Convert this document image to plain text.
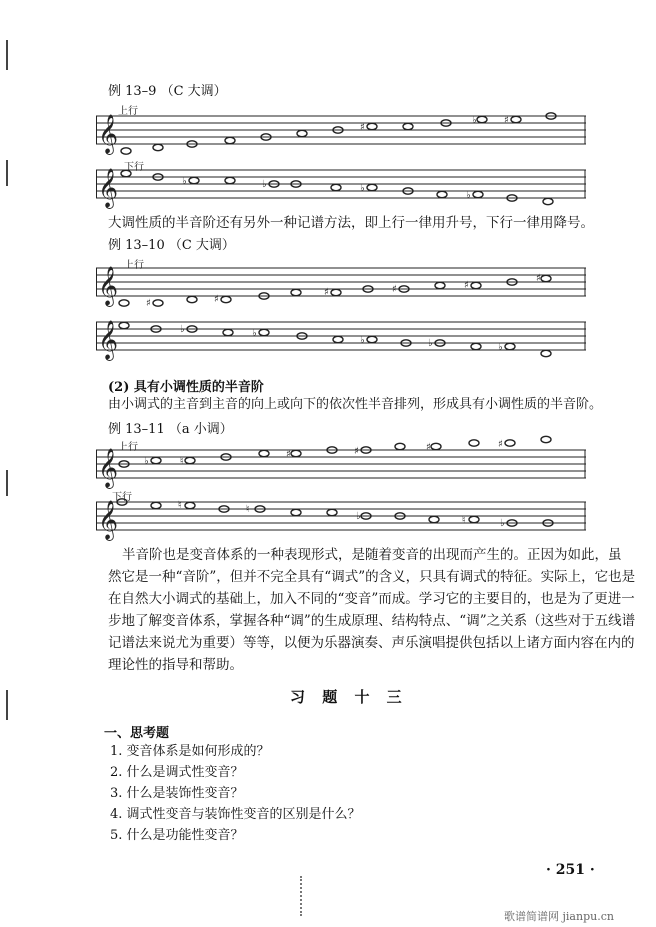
例 13–9 （C 大调）
上行
𝄞	♯
♯
♭
下行
𝄞	♭	♭	♭
♭
大调性质的半音阶还有另外一种记谱方法，即上行一律用升号，下行一律用降号。
例 13–10 （C 大调）
上行
𝄞	♯	♯
♯	♯	♯
♯
𝄞	♭	♭
♭	♭	♭
(2) 具有小调性质的半音阶
由小调式的主音到主音的向上或向下的依次性半音排列，形成具有小调性质的半音阶。
例 13–11 （a 小调）
上行
𝄞	♭	♮
♯	♯	♯	♯
下行
𝄞	♮	♮
♭	♮	♭
半音阶也是变音体系的一种表现形式，是随着变音的出现而产生的。正因为如此，虽
然它是一种“音阶”，但并不完全具有“调式”的含义，只具有调式的特征。实际上，它也是
在自然大小调式的基础上，加入不同的“变音”而成。学习它的主要目的，也是为了更进一
步地了解变音体系，掌握各种“调”的生成原理、结构特点、“调”之关系（这些对于五线谱
记谱法来说尤为重要）等等，以便为乐器演奏、声乐演唱提供包括以上诸方面内容在内的
理论性的指导和帮助。
习 题 十 三
一、思考题
1. 变音体系是如何形成的？
2. 什么是调式性变音？
3. 什么是装饰性变音？
4. 调式性变音与装饰性变音的区别是什么？
5. 什么是功能性变音？
· 251 ·
歌谱简谱网 jianpu.cn
